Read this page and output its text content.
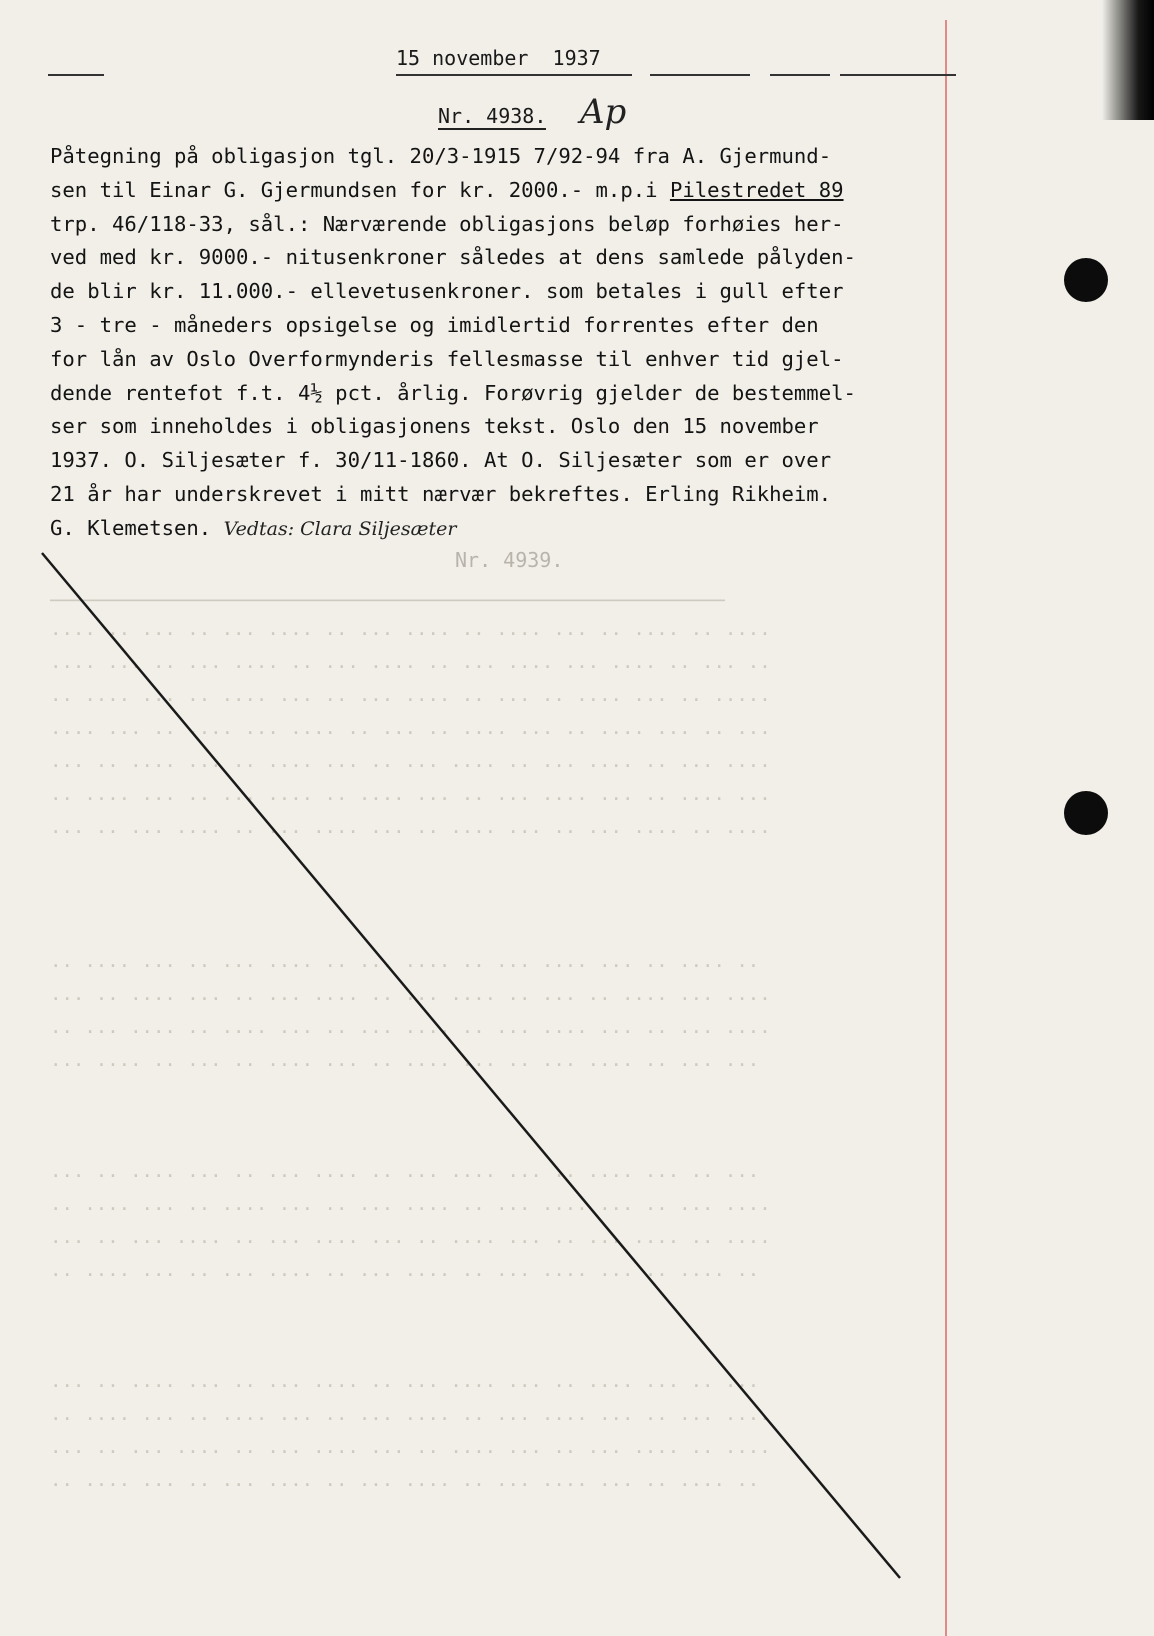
15 november  1937
Nr. 4938. Ap
Påtegning på obligasjon tgl. 20/3-1915 7/92-94 fra A. Gjermund-
sen til Einar G. Gjermundsen for kr. 2000.- m.p.i Pilestredet 89
trp. 46/118-33, sål.: Nærværende obligasjons beløp forhøies her-
ved med kr. 9000.- nitusenkroner således at dens samlede pålyden-
de blir kr. 11.000.- ellevetusenkroner. som betales i gull efter
3 - tre - måneders opsigelse og imidlertid forrentes efter den
for lån av Oslo Overformynderis fellesmasse til enhver tid gjel-
dende rentefot f.t. 4½ pct. årlig. Forøvrig gjelder de bestemmel-
ser som inneholdes i obligasjonens tekst. Oslo den 15 november
1937. O. Siljesæter f. 30/11-1860. At O. Siljesæter som er over
21 år har underskrevet i mitt nærvær bekreftes. Erling Rikheim.
G. Klemetsen. Vedtas: Clara Siljesæter
Nr. 4939.
───────────────────────────────────────────────────────────
···· ·· ··· ·· ··· ···· ·· ··· ···· ·· ···· ··· ·· ···· ·· ····
···· ··· ·· ··· ···· ·· ··· ···· ·· ··· ···· ··· ···· ·· ··· ··
·· ···· ··· ·· ···· ··· ·· ··· ···· ·· ··· ·· ···· ··· ·· ·····
···· ··· ·· ···· ··· ···· ·· ··· ·· ···· ··· ·· ···· ··· ·· ···
··· ·· ···· ··· ·· ···· ··· ·· ··· ···· ·· ··· ···· ·· ··· ····
·· ···· ··· ·· ··· ···· ·· ···· ··· ·· ··· ···· ··· ·· ···· ···
··· ·· ··· ···· ·· ··· ···· ··· ·· ···· ··· ·· ··· ···· ·· ····

·· ···· ··· ·· ··· ···· ·· ··· ···· ·· ··· ···· ··· ·· ···· ··
··· ·· ···· ··· ·· ··· ···· ·· ··· ···· ·· ··· ·· ···· ··· ····
·· ··· ···· ·· ···· ··· ·· ··· ···· ·· ··· ···· ··· ·· ··· ····
··· ···· ·· ··· ·· ···· ··· ·· ···· ··· ·· ··· ···· ·· ··· ···
··· ·· ···· ··· ·· ··· ···· ·· ··· ···· ···  ···· ··· ·· ···
·· ···· ··· ·· ···· ··· ·· ··· ···· ·· ··· ···· ··· ·· ··· ····
··· ·· ··· ···· ·· ··· ···· ··· ·· ···· ··· ·· ··· ···· ·· ····
·· ···· ··· ·· ··· ···· ·· ··· ···· ·· ··· ···· ··· ·· ···· ··
··· ·· ···· ··· ·· ··· ···· ·· ··· ···· ··· ·· ···· ··· ·· ···
·· ···· ··· ·· ···· ··· ·· ··· ···· ·· ··· ···· ··· ·· ··· ····
··· ·· ··· ···· ·· ··· ···· ··· ·· ···· ··· ·· ··· ···· ·· ····
·· ···· ··· ·· ··· ···· ·· ··· ···· ·· ··· ···· ··· ·· ···· ··
